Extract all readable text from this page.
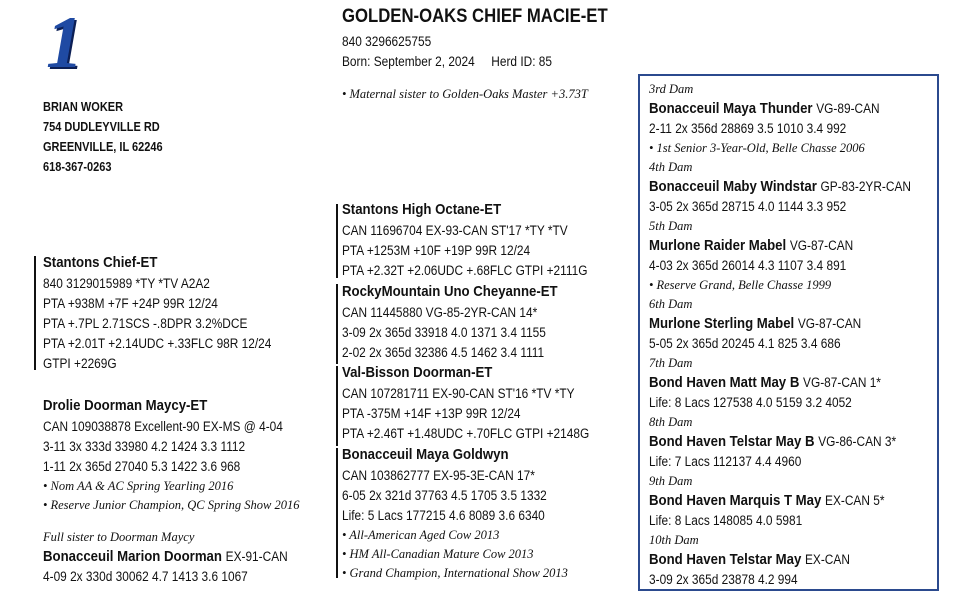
1	GOLDEN-OAKS CHIEF MACIE-ET
840 3296625755
Born: September 2, 2024 Herd ID: 85
• Maternal sister to Golden-Oaks Master +3.73T
BRIAN WOKER
754 DUDLEYVILLE RD
GREENVILLE, IL 62246
618-367-0263
Stantons Chief-ET
840 3129015989 *TY *TV A2A2
PTA +938M +7F +24P 99R 12/24
PTA +.7PL 2.71SCS -.8DPR 3.2%DCE
PTA +2.01T +2.14UDC +.33FLC 98R 12/24
GTPI +2269G
Drolie Doorman Maycy-ET
CAN 109038878 Excellent-90 EX-MS @ 4-04
3-11 3x 333d 33980 4.2 1424 3.3 1112
1-11 2x 365d 27040 5.3 1422 3.6 968
• Nom AA & AC Spring Yearling 2016
• Reserve Junior Champion, QC Spring Show 2016
Full sister to Doorman Maycy
Bonacceuil Marion Doorman EX-91-CAN
4-09 2x 330d 30062 4.7 1413 3.6 1067
Stantons High Octane-ET
CAN 11696704 EX-93-CAN ST'17 *TY *TV
PTA +1253M +10F +19P 99R 12/24
PTA +2.32T +2.06UDC +.68FLC GTPI +2111G
RockyMountain Uno Cheyanne-ET
CAN 11445880 VG-85-2YR-CAN 14*
3-09 2x 365d 33918 4.0 1371 3.4 1155
2-02 2x 365d 32386 4.5 1462 3.4 1111
Val-Bisson Doorman-ET
CAN 107281711 EX-90-CAN ST'16 *TV *TY
PTA -375M +14F +13P 99R 12/24
PTA +2.46T +1.48UDC +.70FLC GTPI +2148G
Bonacceuil Maya Goldwyn
CAN 103862777 EX-95-3E-CAN 17*
6-05 2x 321d 37763 4.5 1705 3.5 1332
Life: 5 Lacs 177215 4.6 8089 3.6 6340
• All-American Aged Cow 2013
• HM All-Canadian Mature Cow 2013
• Grand Champion, International Show 2013
3rd Dam
Bonacceuil Maya Thunder VG-89-CAN
2-11 2x 356d 28869 3.5 1010 3.4 992
• 1st Senior 3-Year-Old, Belle Chasse 2006
4th Dam
Bonacceuil Maby Windstar GP-83-2YR-CAN
3-05 2x 365d 28715 4.0 1144 3.3 952
5th Dam
Murlone Raider Mabel VG-87-CAN
4-03 2x 365d 26014 4.3 1107 3.4 891
• Reserve Grand, Belle Chasse 1999
6th Dam
Murlone Sterling Mabel VG-87-CAN
5-05 2x 365d 20245 4.1 825 3.4 686
7th Dam
Bond Haven Matt May B VG-87-CAN 1*
Life: 8 Lacs 127538 4.0 5159 3.2 4052
8th Dam
Bond Haven Telstar May B VG-86-CAN 3*
Life: 7 Lacs 112137 4.4 4960
9th Dam
Bond Haven Marquis T May EX-CAN 5*
Life: 8 Lacs 148085 4.0 5981
10th Dam
Bond Haven Telstar May EX-CAN
3-09 2x 365d 23878 4.2 994
